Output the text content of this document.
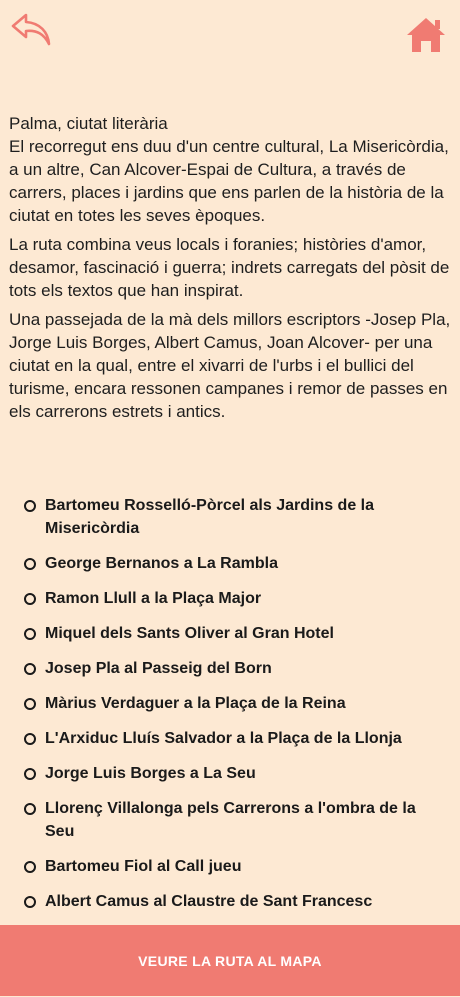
Palma, ciutat literària

El recorregut ens duu d'un centre cultural, La Misericòrdia, a un altre, Can Alcover-Espai de Cultura, a través de carrers, places i jardins que ens parlen de la història de la ciutat en totes les seves èpoques.

La ruta combina veus locals i foranies; històries d'amor, desamor, fascinació i guerra; indrets carregats del pòsit de tots els textos que han inspirat.

Una passejada de la mà dels millors escriptors -Josep Pla, Jorge Luis Borges, Albert Camus, Joan Alcover- per una ciutat en la qual, entre el xivarri de l'urbs i el bullici del turisme, encara ressonen campanes i remor de passes en els carrerons estrets i antics.

Bartomeu Rosselló-Pòrcel als Jardins de la Misericòrdia
George Bernanos a La Rambla
Ramon Llull a la Plaça Major
Miquel dels Sants Oliver al Gran Hotel
Josep Pla al Passeig del Born
Màrius Verdaguer a la Plaça de la Reina
L'Arxiduc Lluís Salvador a la Plaça de la Llonja
Jorge Luis Borges a La Seu
Llorenç Villalonga pels Carrerons a l'ombra de la Seu
Bartomeu Fiol al Call jueu
Albert Camus al Claustre de Sant Francesc
VEURE LA RUTA AL MAPA
